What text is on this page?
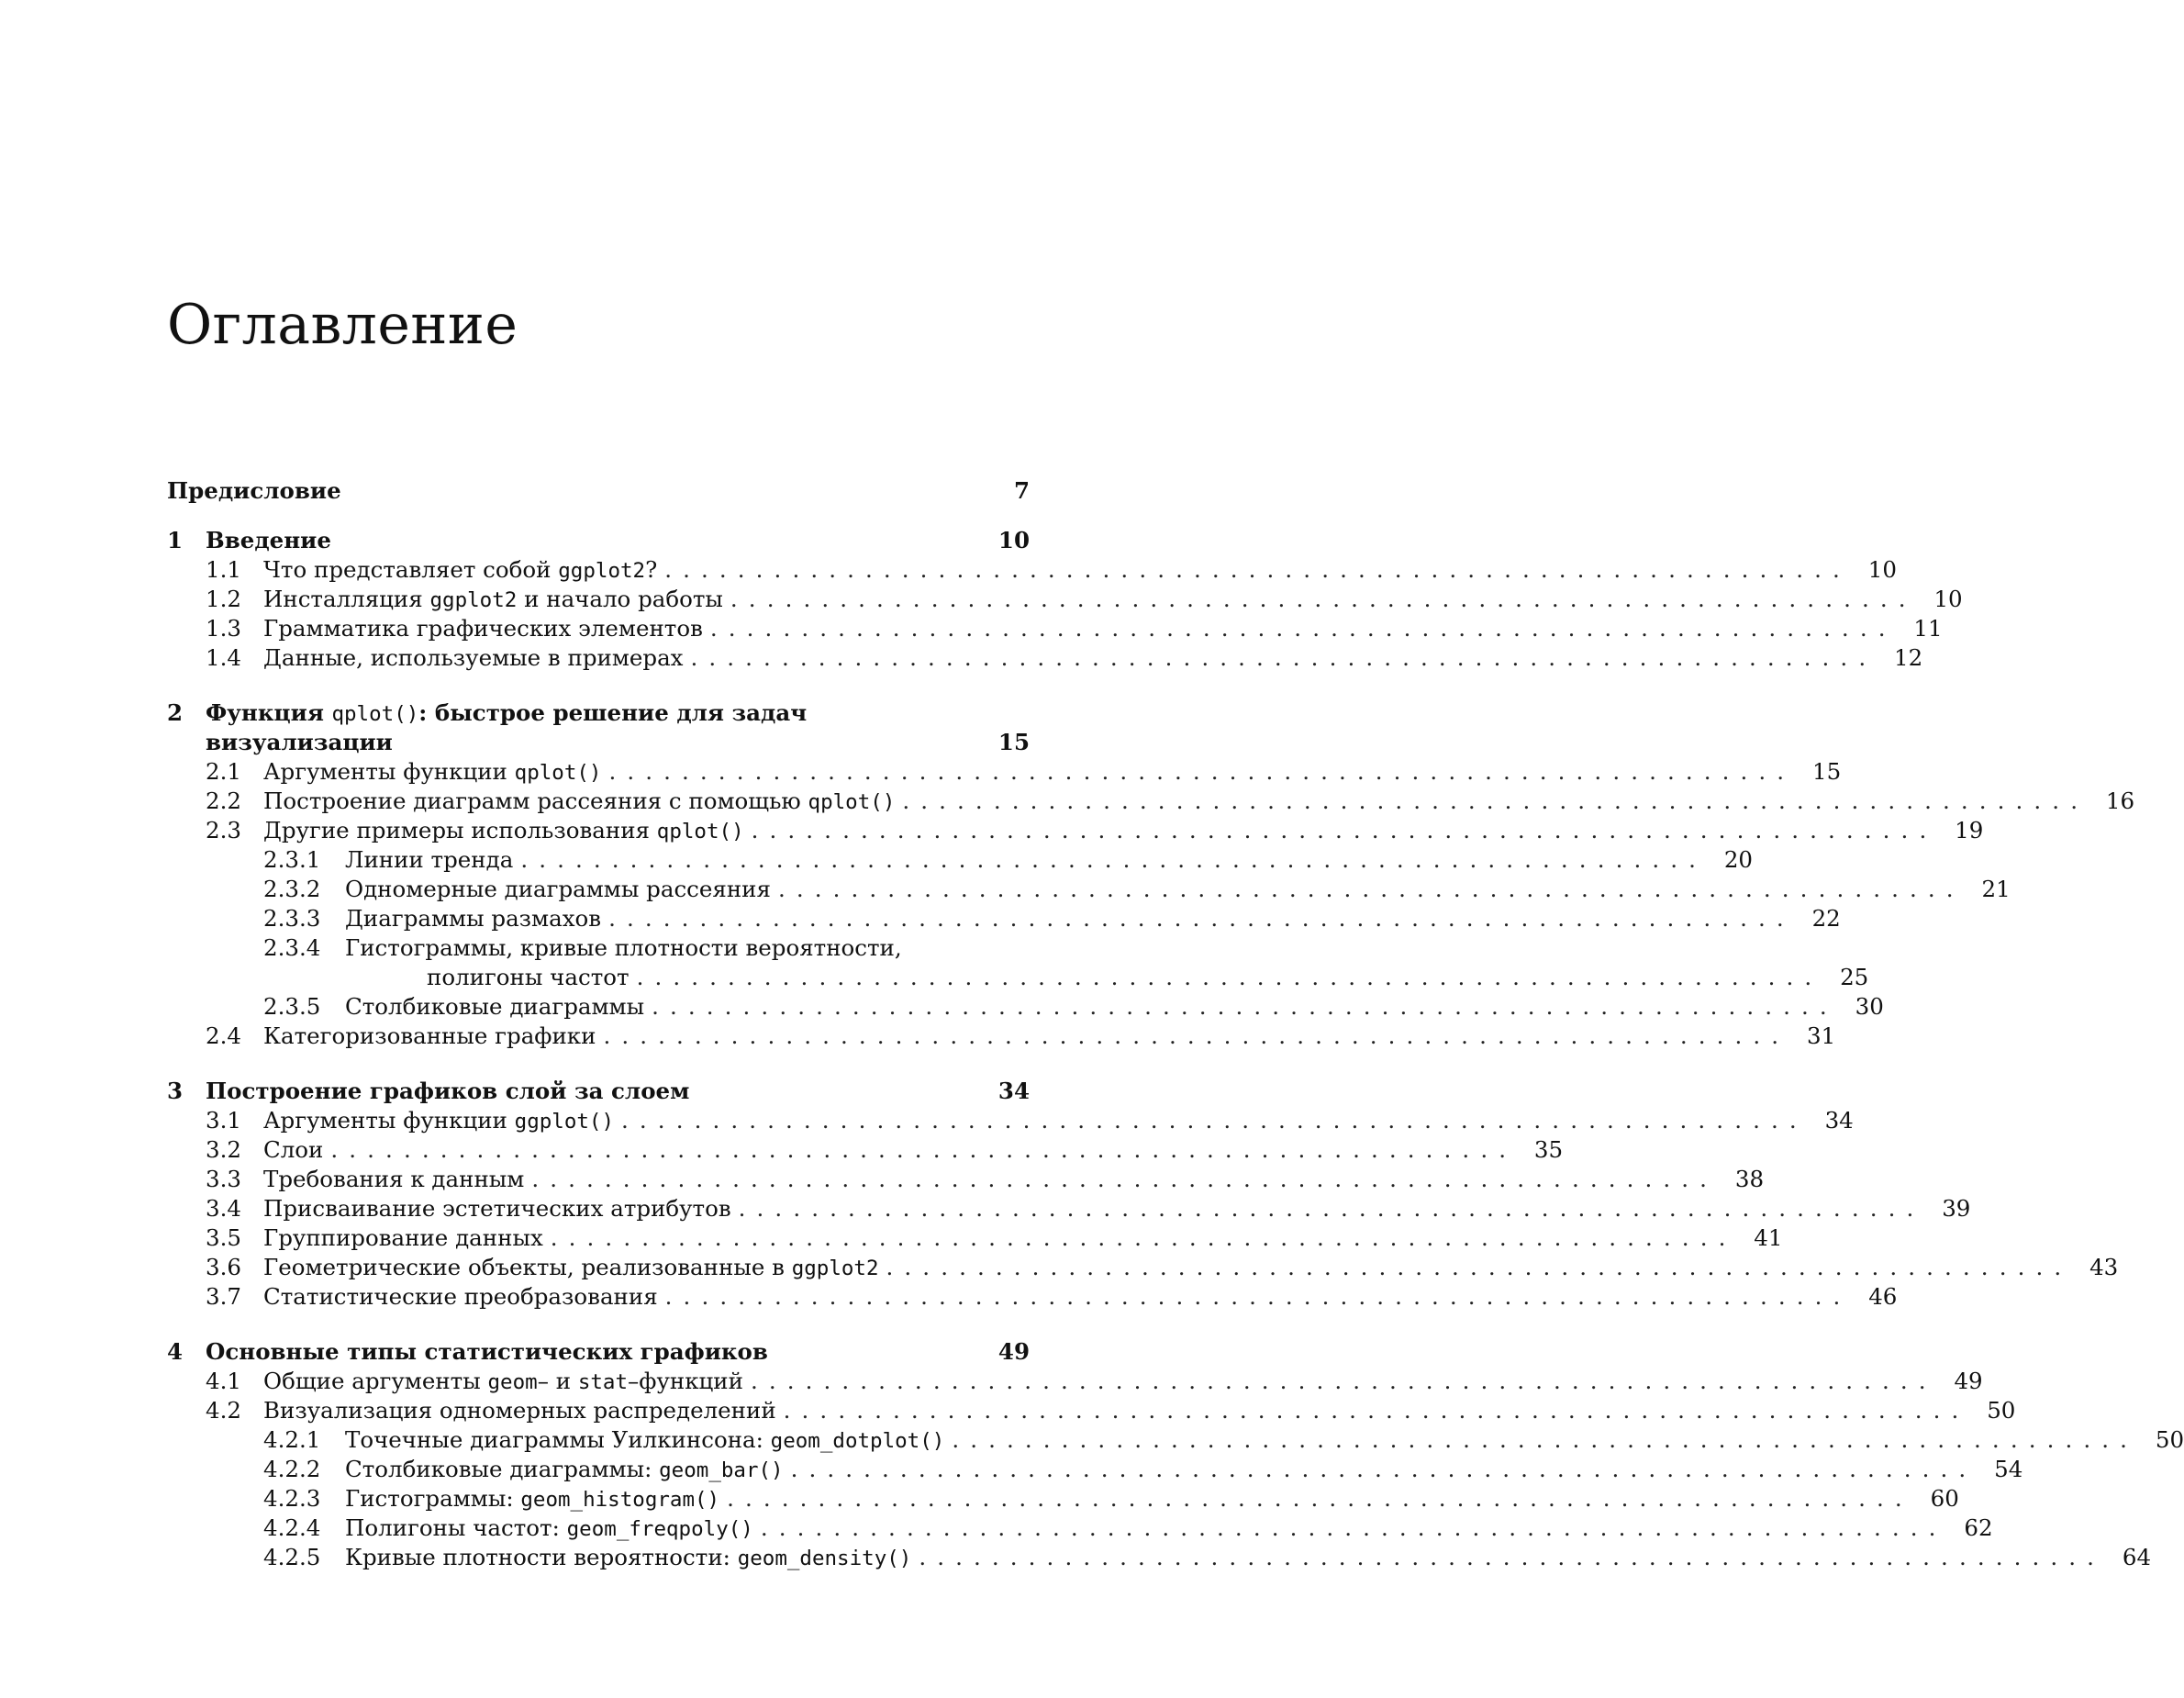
Оглавление
Предисловие	7
1	Введение	10
1.1 Что представляет собой ggplot2? ................................................................. 10
1.2 Инсталляция ggplot2 и начало работы ................................................................. 10
1.3 Грамматика графических элементов ................................................................. 11
1.4 Данные, используемые в примерах ................................................................. 12
2	Функция qplot(): быстрое решение для задач
визуализации	15
2.1 Аргументы функции qplot() ................................................................. 15
2.2 Построение диаграмм рассеяния с помощью qplot() ................................................................. 16
2.3 Другие примеры использования qplot() ................................................................. 19
2.3.1	Линии тренда ................................................................. 20
2.3.2	Одномерные диаграммы рассеяния ................................................................. 21
2.3.3	Диаграммы размахов ................................................................. 22
2.3.4	Гистограммы, кривые плотности вероятности,
полигоны частот ................................................................. 25
2.3.5	Столбиковые диаграммы ................................................................. 30
2.4 Категоризованные графики ................................................................. 31
3	Построение графиков слой за слоем	34
3.1 Аргументы функции ggplot() ................................................................. 34
3.2 Слои ................................................................. 35
3.3 Требования к данным ................................................................. 38
3.4 Присваивание эстетических атрибутов ................................................................. 39
3.5 Группирование данных ................................................................. 41
3.6 Геометрические объекты, реализованные в ggplot2 ................................................................. 43
3.7 Статистические преобразования ................................................................. 46
4	Основные типы статистических графиков	49
4.1 Общие аргументы geom– и stat–функций ................................................................. 49
4.2 Визуализация одномерных распределений ................................................................. 50
4.2.1	Точечные диаграммы Уилкинсона: geom_dotplot() ................................................................. 50
4.2.2	Столбиковые диаграммы: geom_bar() ................................................................. 54
4.2.3	Гистограммы: geom_histogram() ................................................................. 60
4.2.4	Полигоны частот: geom_freqpoly() ................................................................. 62
4.2.5	Кривые плотности вероятности: geom_density() ................................................................. 64
